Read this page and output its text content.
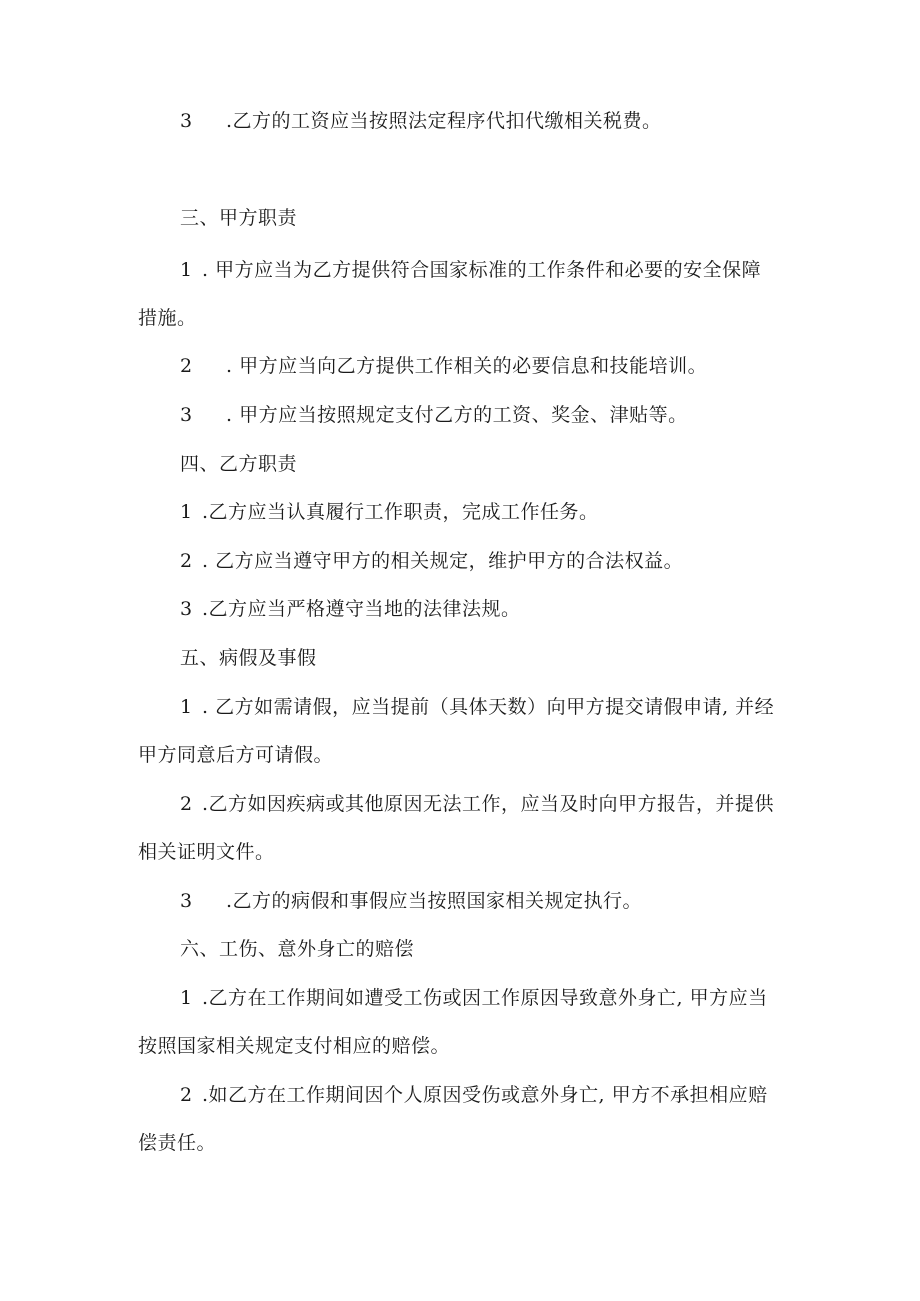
3 .乙方的工资应当按照法定程序代扣代缴相关税费。
三、甲方职责
1 . 甲方应当为乙方提供符合国家标准的工作条件和必要的安全保障
措施。
2 . 甲方应当向乙方提供工作相关的必要信息和技能培训。
3 . 甲方应当按照规定支付乙方的工资、奖金、津贴等。
四、乙方职责
1 .乙方应当认真履行工作职责，完成工作任务。
2 . 乙方应当遵守甲方的相关规定，维护甲方的合法权益。
3 .乙方应当严格遵守当地的法律法规。
五、病假及事假
1 . 乙方如需请假，应当提前（具体天数）向甲方提交请假申请, 并经
甲方同意后方可请假。
2 .乙方如因疾病或其他原因无法工作，应当及时向甲方报告，并提供
相关证明文件。
3 .乙方的病假和事假应当按照国家相关规定执行。
六、工伤、意外身亡的赔偿
1 .乙方在工作期间如遭受工伤或因工作原因导致意外身亡, 甲方应当
按照国家相关规定支付相应的赔偿。
2 .如乙方在工作期间因个人原因受伤或意外身亡, 甲方不承担相应赔
偿责任。
